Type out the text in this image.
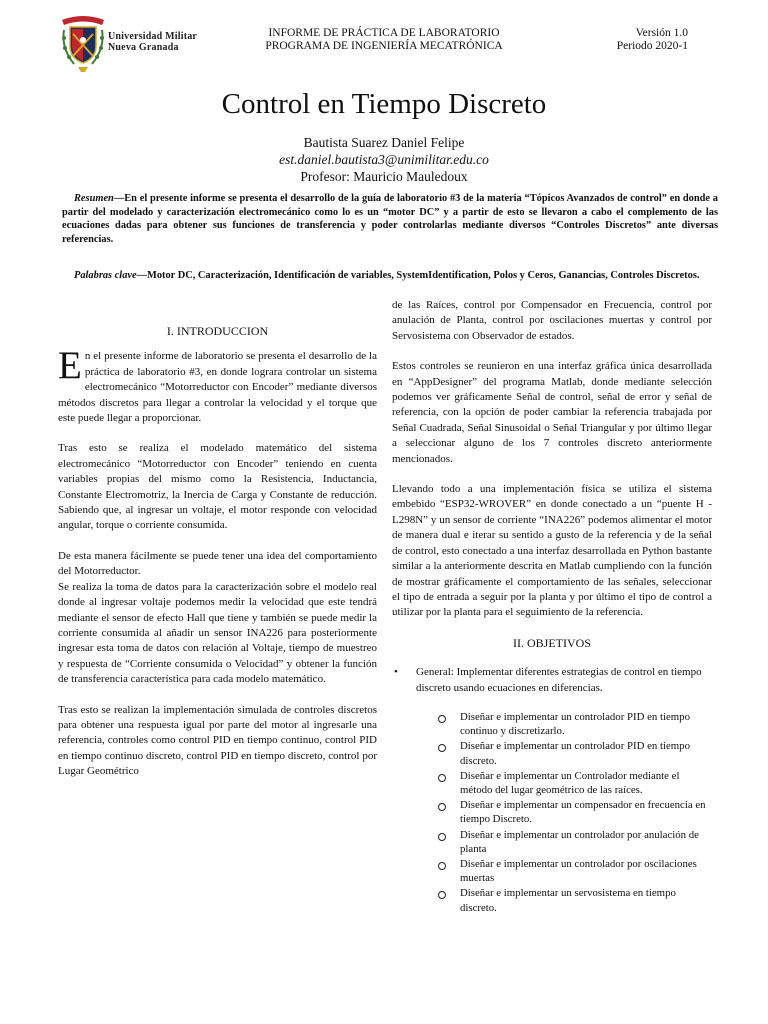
Universidad Militar
Nueva Granada
INFORME DE PRÁCTICA DE LABORATORIO
PROGRAMA DE INGENIERÍA MECATRÓNICA
Versión 1.0
Periodo 2020-1
Control en Tiempo Discreto
Bautista Suarez Daniel Felipe
est.daniel.bautista3@unimilitar.edu.co
Profesor: Mauricio Mauledoux
Resumen—En el presente informe se presenta el desarrollo de la guía de laboratorio #3 de la materia “Tópicos Avanzados de control” en donde a partir del modelado y caracterización electromecánico como lo es un “motor DC” y a partir de esto se llevaron a cabo el complemento de las ecuaciones dadas para obtener sus funciones de transferencia y poder controlarlas mediante diversos “Controles Discretos” ante diversas referencias.
Palabras clave—Motor DC, Caracterización, Identificación de variables, SystemIdentification, Polos y Ceros, Ganancias, Controles Discretos.
I. INTRODUCCION

En el presente informe de laboratorio se presenta el desarrollo de la práctica de laboratorio #3, en donde lograra controlar un sistema electromecánico “Motorreductor con Encoder” mediante diversos métodos discretos para llegar a controlar la velocidad y el torque que este puede llegar a proporcionar.

Tras esto se realiza el modelado matemático del sistema electromecánico “Motorreductor con Encoder” teniendo en cuenta variables propias del mismo como la Resistencia, Inductancia, Constante Electromotriz, la Inercia de Carga y Constante de reducción. Sabiendo que, al ingresar un voltaje, el motor responde con velocidad angular, torque o corriente consumida.

De esta manera fácilmente se puede tener una idea del comportamiento del Motorreductor.

Se realiza la toma de datos para la caracterización sobre el modelo real donde al ingresar voltaje podemos medir la velocidad que este tendrá mediante el sensor de efecto Hall que tiene y también se puede medir la corriente consumida al añadir un sensor INA226 para posteriormente ingresar esta toma de datos con relación al Voltaje, tiempo de muestreo y respuesta de “Corriente consumida o Velocidad” y obtener la función de transferencia característica para cada modelo matemático.

Tras esto se realizan la implementación simulada de controles discretos para obtener una respuesta igual por parte del motor al ingresarle una referencia, controles como control PID en tiempo continuo, control PID en tiempo continuo discreto, control PID en tiempo discreto, control por Lugar Geométrico

de las Raíces, control por Compensador en Frecuencia, control por anulación de Planta, control por oscilaciones muertas y control por Servosistema con Observador de estados.

Estos controles se reunieron en una interfaz gráfica única desarrollada en “AppDesigner” del programa Matlab, donde mediante selección podemos ver gráficamente Señal de control, señal de error y señal de referencia, con la opción de poder cambiar la referencia trabajada por Señal Cuadrada, Señal Sinusoidal o Señal Triangular y por último llegar a seleccionar alguno de los 7 controles discreto anteriormente mencionados.

Llevando todo a una implementación física se utiliza el sistema embebido “ESP32-WROVER” en donde conectado a un “puente H - L298N” y un sensor de corriente “INA226” podemos alimentar el motor de manera dual e iterar su sentido a gusto de la referencia y de la señal de control, esto conectado a una interfaz desarrollada en Python bastante similar a la anteriormente descrita en Matlab cumpliendo con la función de mostrar gráficamente el comportamiento de las señales, seleccionar el tipo de entrada a seguir por la planta y por último el tipo de control a utilizar por la planta para el seguimiento de la referencia.

II. OBJETIVOS
• General: Implementar diferentes estrategias de control en tiempo discreto usando ecuaciones en diferencias.
Diseñar e implementar un controlador PID en tiempo continuo y discretizarlo.
Diseñar e implementar un controlador PID en tiempo discreto.
Diseñar e implementar un Controlador mediante el método del lugar geométrico de las raíces.
Diseñar e implementar un compensador en frecuencia en tiempo Discreto.
Diseñar e implementar un controlador por anulación de planta
Diseñar e implementar un controlador por oscilaciones muertas
Diseñar e implementar un servosistema en tiempo discreto.
